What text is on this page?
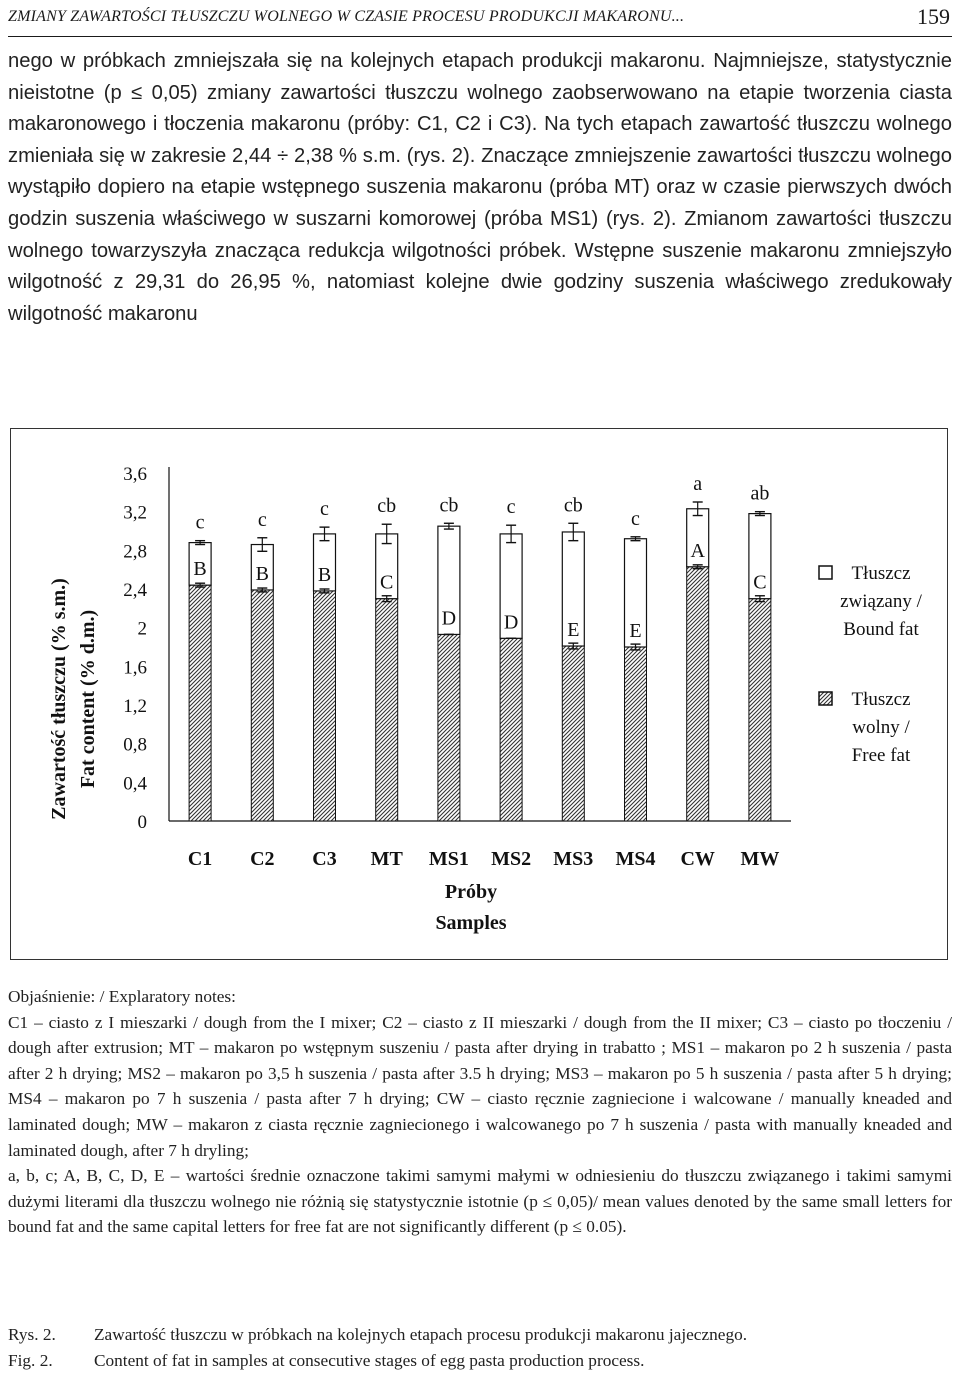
ZMIANY ZAWARTOŚCI TŁUSZCZU WOLNEGO W CZASIE PROCESU PRODUKCJI MAKARONU...	159

nego w próbkach zmniejszała się na kolejnych etapach produkcji makaronu. Najmniejsze, statystycznie nieistotne (p ≤ 0,05) zmiany zawartości tłuszczu wolnego zaobserwowano na etapie tworzenia ciasta makaronowego i tłoczenia makaronu (próby: C1, C2 i C3). Na tych etapach zawartość tłuszczu wolnego zmieniała się w zakresie 2,44 ÷ 2,38 % s.m. (rys. 2). Znaczące zmniejszenie zawartości tłuszczu wolnego wystąpiło dopiero na etapie wstępnego suszenia makaronu (próba MT) oraz w czasie pierwszych dwóch godzin suszenia właściwego w suszarni komorowej (próba MS1) (rys. 2). Zmianom zawartości tłuszczu wolnego towarzyszyła znacząca redukcja wilgotności próbek. Wstępne suszenie makaronu zmniejszyło wilgotność z 29,31 do 26,95 %, natomiast kolejne dwie godziny suszenia właściwego zredukowały wilgotność makaronu

Zawartość tłuszczu (% s.m.) Fat content (% d.m.)
0
0,4
0,8
1,2
1,6
2
2,4
2,8
3,2
3,6
B
c
B
c
B
c
C
cb
D
cb
D
c
E
cb
E
c
A
a
C
ab
C1 C2 C3 MT MS1 MS2 MS3 MS4 CW MW
Próby
Samples
Tłuszcz
związany /
Bound fat
Tłuszcz
wolny /
Free fat

Objaśnienie: / Explaratory notes:

C1 – ciasto z I mieszarki / dough from the I mixer; C2 – ciasto z II mieszarki / dough from the II mixer; C3 – ciasto po tłoczeniu / dough after extrusion; MT – makaron po wstępnym suszeniu / pasta after drying in trabatto ; MS1 – makaron po 2 h suszenia / pasta after 2 h drying; MS2 – makaron po 3,5 h suszenia / pasta after 3.5 h drying; MS3 – makaron po 5 h suszenia / pasta after 5 h drying; MS4 – makaron po 7 h suszenia / pasta after 7 h drying; CW – ciasto ręcznie zagniecione i walcowane / manually kneaded and laminated dough; MW – makaron z ciasta ręcznie zagniecionego i walcowanego po 7 h suszenia / pasta with manually kneaded and laminated dough, after 7 h dryling;

a, b, c; A, B, C, D, E – wartości średnie oznaczone takimi samymi małymi w odniesieniu do tłuszczu związanego i takimi samymi dużymi literami dla tłuszczu wolnego nie różnią się statystycznie istotnie (p ≤ 0,05)/ mean values denoted by the same small letters for bound fat and the same capital letters for free fat are not significantly different (p ≤ 0.05).

Rys. 2.	Zawartość tłuszczu w próbkach na kolejnych etapach procesu produkcji makaronu jajecznego.
Fig. 2.	Content of fat in samples at consecutive stages of egg pasta production process.
